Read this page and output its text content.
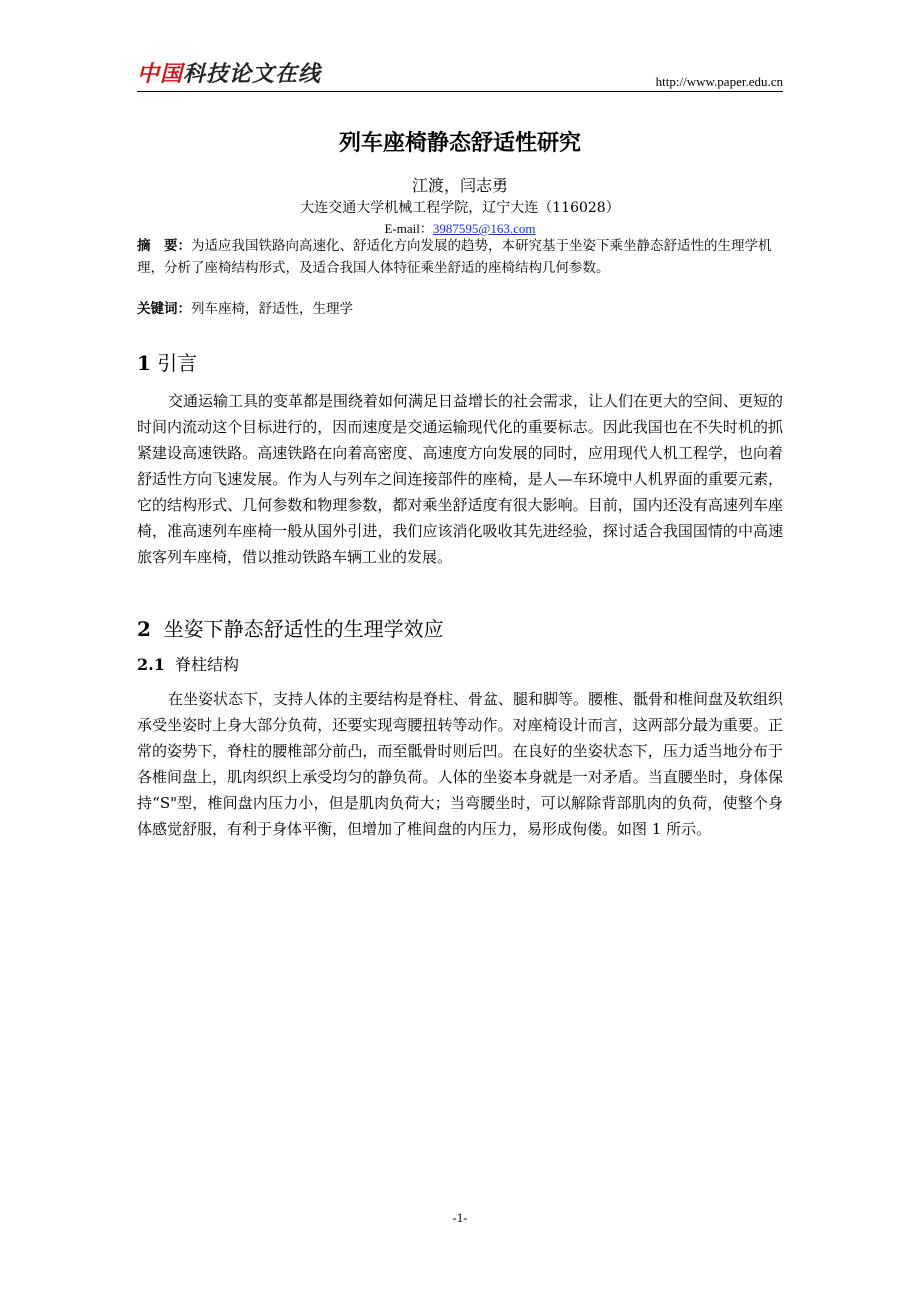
中国科技论文在线	http://www.paper.edu.cn
列车座椅静态舒适性研究
江渡，闫志勇
大连交通大学机械工程学院，辽宁大连（116028）
E-mail：3987595@163.com
摘　要：为适应我国铁路向高速化、舒适化方向发展的趋势，本研究基于坐姿下乘坐静态舒适性的生理学机理，分析了座椅结构形式，及适合我国人体特征乘坐舒适的座椅结构几何参数。
关键词：列车座椅，舒适性，生理学
1 引言
交通运输工具的变革都是围绕着如何满足日益增长的社会需求，让人们在更大的空间、更短的时间内流动这个目标进行的，因而速度是交通运输现代化的重要标志。因此我国也在不失时机的抓紧建设高速铁路。高速铁路在向着高密度、高速度方向发展的同时，应用现代人机工程学，也向着舒适性方向飞速发展。作为人与列车之间连接部件的座椅，是人—车环境中人机界面的重要元素，它的结构形式、几何参数和物理参数，都对乘坐舒适度有很大影响。目前，国内还没有高速列车座椅，准高速列车座椅一般从国外引进，我们应该消化吸收其先进经验，探讨适合我国国情的中高速旅客列车座椅，借以推动铁路车辆工业的发展。
2 坐姿下静态舒适性的生理学效应
2.1 脊柱结构
在坐姿状态下，支持人体的主要结构是脊柱、骨盆、腿和脚等。腰椎、骶骨和椎间盘及软组织承受坐姿时上身大部分负荷，还要实现弯腰扭转等动作。对座椅设计而言，这两部分最为重要。正常的姿势下，脊柱的腰椎部分前凸，而至骶骨时则后凹。在良好的坐姿状态下，压力适当地分布于各椎间盘上，肌肉织织上承受均匀的静负荷。人体的坐姿本身就是一对矛盾。当直腰坐时，身体保持“S"型，椎间盘内压力小，但是肌肉负荷大；当弯腰坐时，可以解除背部肌肉的负荷，使整个身体感觉舒服，有利于身体平衡，但增加了椎间盘的内压力，易形成佝偻。如图 1 所示。
-1-
